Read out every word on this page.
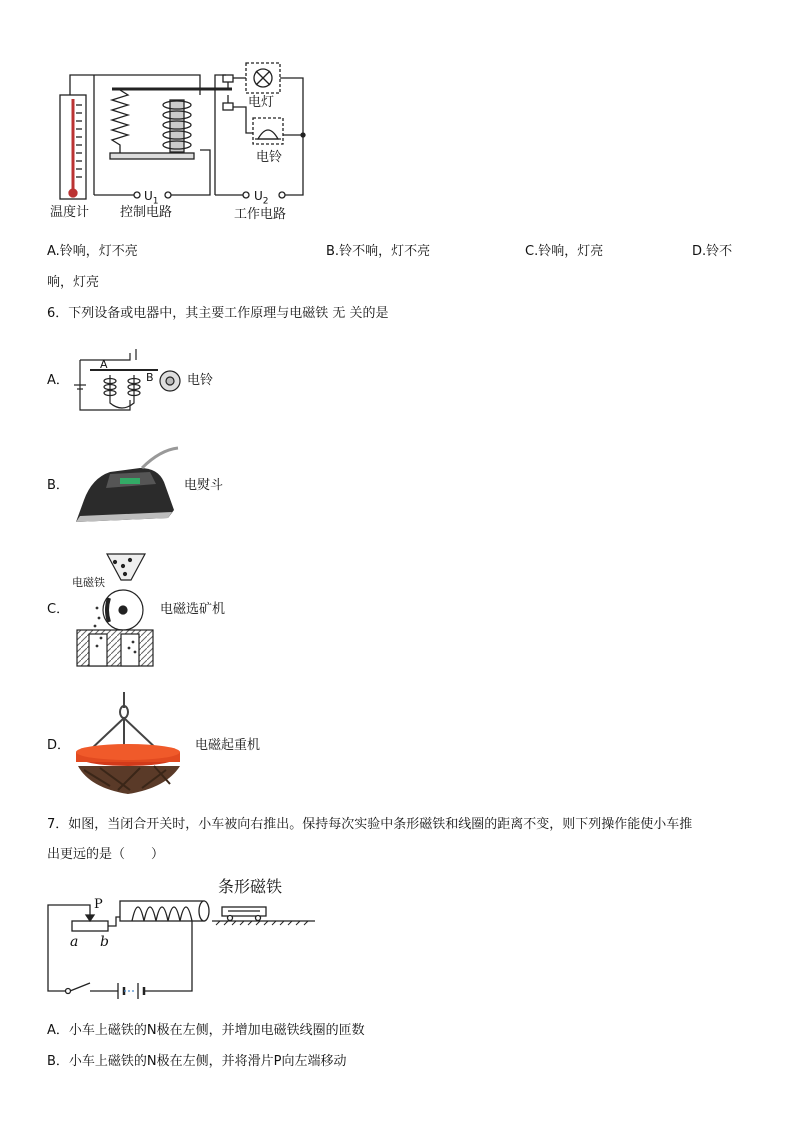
电灯
电铃
温度计 控制电路	工作电路
$U_1$	$U_2$
A.铃响，灯不亮	B.铃不响，灯不亮	C.铃响，灯亮	D.铃不
响，灯亮
6．下列设备或电器中，其主要工作原理与电磁铁 无 关的是
A．
A
B	电铃
B．	电熨斗
C．
电磁铁
电磁选矿机
D．	电磁起重机
7．如图，当闭合开关时，小车被向右推出。保持每次实验中条形磁铁和线圈的距离不变，则下列操作能使小车推
出更远的是（　　）
条形磁铁
P
a b
A．小车上磁铁的N极在左侧，并增加电磁铁线圈的匝数
B．小车上磁铁的N极在左侧，并将滑片P向左端移动
